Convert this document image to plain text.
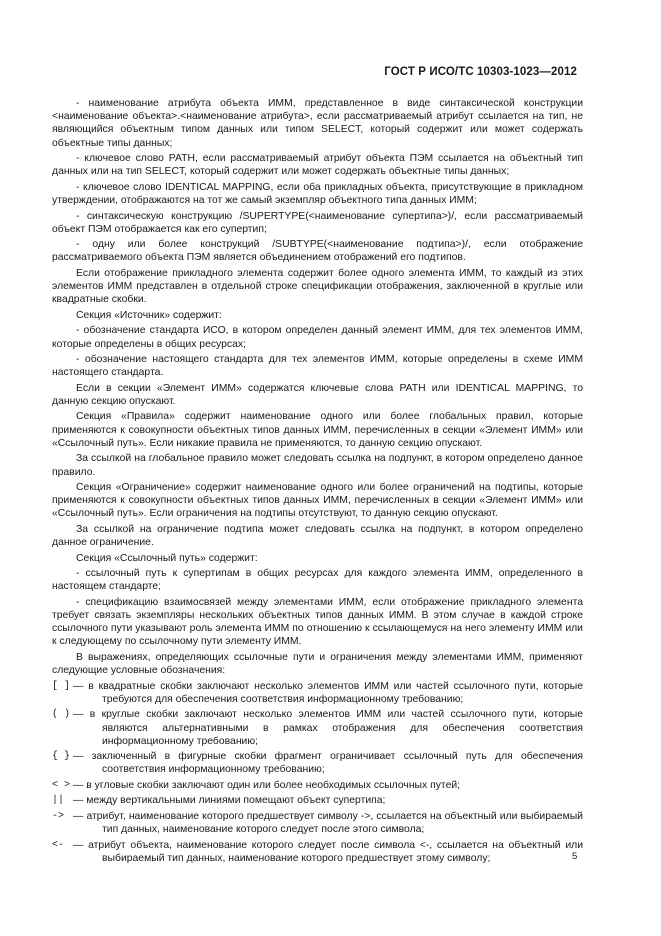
ГОСТ Р ИСО/ТС 10303-1023—2012

- наименование атрибута объекта ИММ, представленное в виде синтаксической конструкции <наименование объекта>.<наименование атрибута>, если рассматриваемый атрибут ссылается на тип, не являющийся объектным типом данных или типом SELECT, который содержит или может содержать объектные типы данных;

- ключевое слово PATH, если рассматриваемый атрибут объекта ПЭМ ссылается на объектный тип данных или на тип SELECT, который содержит или может содержать объектные типы данных;

- ключевое слово IDENTICAL MAPPING, если оба прикладных объекта, присутствующие в прикладном утверждении, отображаются на тот же самый экземпляр объектного типа данных ИММ;

- синтаксическую конструкцию /SUPERTYPE(<наименование супертипа>)/, если рассматриваемый объект ПЭМ отображается как его супертип;

- одну или более конструкций /SUBTYPE(<наименование подтипа>)/, если отображение рассматриваемого объекта ПЭМ является объединением отображений его подтипов.

Если отображение прикладного элемента содержит более одного элемента ИММ, то каждый из этих элементов ИММ представлен в отдельной строке спецификации отображения, заключенной в круглые или квадратные скобки.

Секция «Источник» содержит:

- обозначение стандарта ИСО, в котором определен данный элемент ИММ, для тех элементов ИММ, которые определены в общих ресурсах;

- обозначение настоящего стандарта для тех элементов ИММ, которые определены в схеме ИММ настоящего стандарта.

Если в секции «Элемент ИММ» содержатся ключевые слова PATH или IDENTICAL MAPPING, то данную секцию опускают.

Секция «Правила» содержит наименование одного или более глобальных правил, которые применяются к совокупности объектных типов данных ИММ, перечисленных в секции «Элемент ИММ» или «Ссылочный путь». Если никакие правила не применяются, то данную секцию опускают.

За ссылкой на глобальное правило может следовать ссылка на подпункт, в котором определено данное правило.

Секция «Ограничение» содержит наименование одного или более ограничений на подтипы, которые применяются к совокупности объектных типов данных ИММ, перечисленных в секции «Элемент ИММ» или «Ссылочный путь». Если ограничения на подтипы отсутствуют, то данную секцию опускают.

За ссылкой на ограничение подтипа может следовать ссылка на подпункт, в котором определено данное ограничение.

Секция «Ссылочный путь» содержит:

- ссылочный путь к супертипам в общих ресурсах для каждого элемента ИММ, определенного в настоящем стандарте;

- спецификацию взаимосвязей между элементами ИММ, если отображение прикладного элемента требует связать экземпляры нескольких объектных типов данных ИММ. В этом случае в каждой строке ссылочного пути указывают роль элемента ИММ по отношению к ссылающемуся на него элементу ИММ или к следующему по ссылочному пути элементу ИММ.

В выражениях, определяющих ссылочные пути и ограничения между элементами ИММ, применяют следующие условные обозначения:

[ ] — в квадратные скобки заключают несколько элементов ИММ или частей ссылочного пути, которые требуются для обеспечения соответствия информационному требованию;
( ) — в круглые скобки заключают несколько элементов ИММ или частей ссылочного пути, которые являются альтернативными в рамках отображения для обеспечения соответствия информационному требованию;
{ } — заключенный в фигурные скобки фрагмент ограничивает ссылочный путь для обеспечения соответствия информационному требованию;
< > — в угловые скобки заключают один или более необходимых ссылочных путей;
|| — между вертикальными линиями помещают объект супертипа;
-> — атрибут, наименование которого предшествует символу ->, ссылается на объектный или выбираемый тип данных, наименование которого следует после этого символа;
<- — атрибут объекта, наименование которого следует после символа <-, ссылается на объектный или выбираемый тип данных, наименование которого предшествует этому символу;	5
